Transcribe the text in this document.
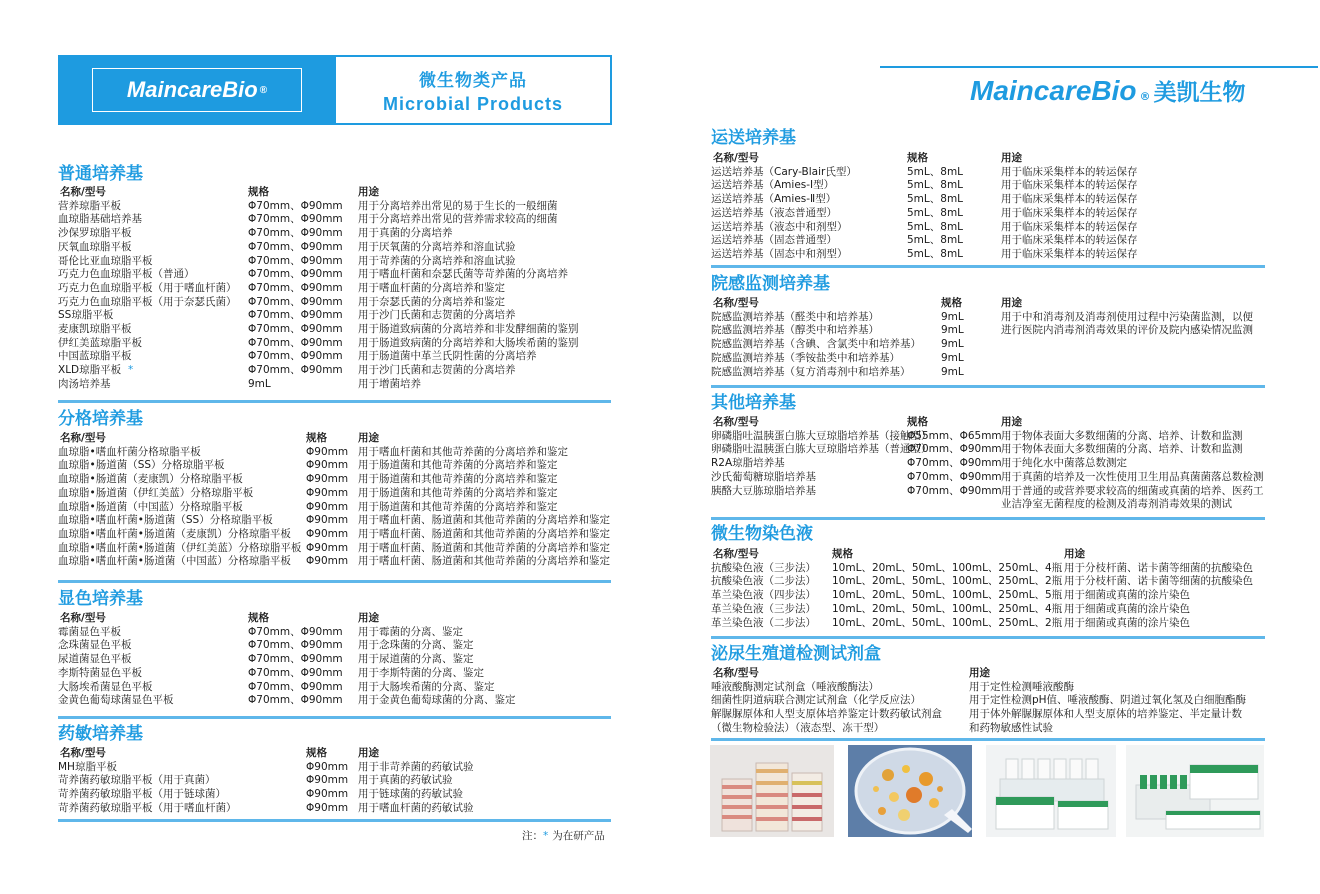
MaincareBio ®	微生物类产品
Microbial Products	MaincareBio $_®$ 美凯生物
普通培养基
名称/型号	规格	用途
营养琼脂平板	Φ70mm、Φ90mm 用于分离培养出常见的易于生长的一般细菌
血琼脂基础培养基	Φ70mm、Φ90mm 用于分离培养出常见的营养需求较高的细菌
沙保罗琼脂平板	Φ70mm、Φ90mm 用于真菌的分离培养
厌氧血琼脂平板	Φ70mm、Φ90mm 用于厌氧菌的分离培养和溶血试验
哥伦比亚血琼脂平板	Φ70mm、Φ90mm 用于苛养菌的分离培养和溶血试验
巧克力色血琼脂平板（普通）	Φ70mm、Φ90mm 用于嗜血杆菌和奈瑟氏菌等苛养菌的分离培养
巧克力色血琼脂平板（用于嗜血杆菌） Φ70mm、Φ90mm 用于嗜血杆菌的分离培养和鉴定
巧克力色血琼脂平板（用于奈瑟氏菌） Φ70mm、Φ90mm 用于奈瑟氏菌的分离培养和鉴定
SS琼脂平板	Φ70mm、Φ90mm 用于沙门氏菌和志贺菌的分离培养
麦康凯琼脂平板	Φ70mm、Φ90mm 用于肠道致病菌的分离培养和非发酵细菌的鉴别
伊红美蓝琼脂平板	Φ70mm、Φ90mm 用于肠道致病菌的分离培养和大肠埃希菌的鉴别
中国蓝琼脂平板	Φ70mm、Φ90mm 用于肠道菌中革兰氏阴性菌的分离培养
XLD琼脂平板 *	Φ70mm、Φ90mm 用于沙门氏菌和志贺菌的分离培养
肉汤培养基	9mL	用于增菌培养
分格培养基
名称/型号	规格	用途
血琼脂•嗜血杆菌分格琼脂平板	Φ90mm 用于嗜血杆菌和其他苛养菌的分离培养和鉴定
血琼脂•肠道菌（SS）分格琼脂平板	Φ90mm 用于肠道菌和其他苛养菌的分离培养和鉴定
血琼脂•肠道菌（麦康凯）分格琼脂平板	Φ90mm 用于肠道菌和其他苛养菌的分离培养和鉴定
血琼脂•肠道菌（伊红美蓝）分格琼脂平板	Φ90mm 用于肠道菌和其他苛养菌的分离培养和鉴定
血琼脂•肠道菌（中国蓝）分格琼脂平板	Φ90mm 用于肠道菌和其他苛养菌的分离培养和鉴定
血琼脂•嗜血杆菌•肠道菌（SS）分格琼脂平板	Φ90mm 用于嗜血杆菌、肠道菌和其他苛养菌的分离培养和鉴定
血琼脂•嗜血杆菌•肠道菌（麦康凯）分格琼脂平板 Φ90mm 用于嗜血杆菌、肠道菌和其他苛养菌的分离培养和鉴定
血琼脂•嗜血杆菌•肠道菌（伊红美蓝）分格琼脂平板 Φ90mm 用于嗜血杆菌、肠道菌和其他苛养菌的分离培养和鉴定
血琼脂•嗜血杆菌•肠道菌（中国蓝）分格琼脂平板 Φ90mm 用于嗜血杆菌、肠道菌和其他苛养菌的分离培养和鉴定
显色培养基
名称/型号	规格	用途
霉菌显色平板	Φ70mm、Φ90mm 用于霉菌的分离、鉴定
念珠菌显色平板	Φ70mm、Φ90mm 用于念珠菌的分离、鉴定
尿道菌显色平板	Φ70mm、Φ90mm 用于尿道菌的分离、鉴定
李斯特菌显色平板	Φ70mm、Φ90mm 用于李斯特菌的分离、鉴定
大肠埃希菌显色平板	Φ70mm、Φ90mm 用于大肠埃希菌的分离、鉴定
金黄色葡萄球菌显色平板	Φ70mm、Φ90mm 用于金黄色葡萄球菌的分离、鉴定
药敏培养基
名称/型号	规格	用途
MH琼脂平板	Φ90mm 用于非苛养菌的药敏试验
苛养菌药敏琼脂平板（用于真菌）	Φ90mm 用于真菌的药敏试验
苛养菌药敏琼脂平板（用于链球菌）	Φ90mm 用于链球菌的药敏试验
苛养菌药敏琼脂平板（用于嗜血杆菌）	Φ90mm 用于嗜血杆菌的药敏试验
运送培养基
名称/型号	规格	用途
运送培养基（Cary-Blair氏型）	5mL、8mL	用于临床采集样本的转运保存
运送培养基（Amies-Ⅰ型）	5mL、8mL	用于临床采集样本的转运保存
运送培养基（Amies-Ⅱ型）	5mL、8mL	用于临床采集样本的转运保存
运送培养基（液态普通型）	5mL、8mL	用于临床采集样本的转运保存
运送培养基（液态中和剂型）	5mL、8mL	用于临床采集样本的转运保存
运送培养基（固态普通型）	5mL、8mL	用于临床采集样本的转运保存
运送培养基（固态中和剂型）	5mL、8mL	用于临床采集样本的转运保存
院感监测培养基
名称/型号	规格	用途
院感监测培养基（醛类中和培养基）	9mL	用于中和消毒剂及消毒剂使用过程中污染菌监测，以便
院感监测培养基（醇类中和培养基）	9mL	进行医院内消毒剂消毒效果的评价及院内感染情况监测
院感监测培养基（含碘、含氯类中和培养基） 9mL
院感监测培养基（季铵盐类中和培养基）	9mL
院感监测培养基（复方消毒剂中和培养基）	9mL
其他培养基
名称/型号	规格	用途
卵磷脂吐温胰蛋白胨大豆琼脂培养基（接触型）
Φ55mm、Φ65mm 用于物体表面大多数细菌的分离、培养、计数和监测
卵磷脂吐温胰蛋白胨大豆琼脂培养基（普通型）
Φ70mm、Φ90mm 用于物体表面大多数细菌的分离、培养、计数和监测
R2A琼脂培养基	Φ70mm、Φ90mm 用于纯化水中菌落总数测定
沙氏葡萄糖琼脂培养基	Φ70mm、Φ90mm 用于真菌的培养及一次性使用卫生用品真菌菌落总数检测
胰酪大豆胨琼脂培养基	Φ70mm、Φ90mm 用于普通的或营养要求较高的细菌或真菌的培养、医药工
业洁净室无菌程度的检测及消毒剂消毒效果的测试
微生物染色液
名称/型号	规格	用途
抗酸染色液（三步法） 10mL、20mL、50mL、100mL、250mL、4瓶 用于分枝杆菌、诺卡菌等细菌的抗酸染色
抗酸染色液（二步法） 10mL、20mL、50mL、100mL、250mL、2瓶 用于分枝杆菌、诺卡菌等细菌的抗酸染色
革兰染色液（四步法） 10mL、20mL、50mL、100mL、250mL、5瓶 用于细菌或真菌的涂片染色
革兰染色液（三步法） 10mL、20mL、50mL、100mL、250mL、4瓶 用于细菌或真菌的涂片染色
革兰染色液（二步法） 10mL、20mL、50mL、100mL、250mL、2瓶 用于细菌或真菌的涂片染色
泌尿生殖道检测试剂盒
名称/型号	用途
唾液酸酶测定试剂盒（唾液酸酶法）	用于定性检测唾液酸酶
细菌性阴道病联合测定试剂盒（化学反应法）	用于定性检测pH值、唾液酸酶、阴道过氧化氢及白细胞酯酶
解脲脲原体和人型支原体培养鉴定计数药敏试剂盒	用于体外解脲脲原体和人型支原体的培养鉴定、半定量计数
（微生物检验法）（液态型、冻干型）	和药物敏感性试验
注：* 为在研产品
